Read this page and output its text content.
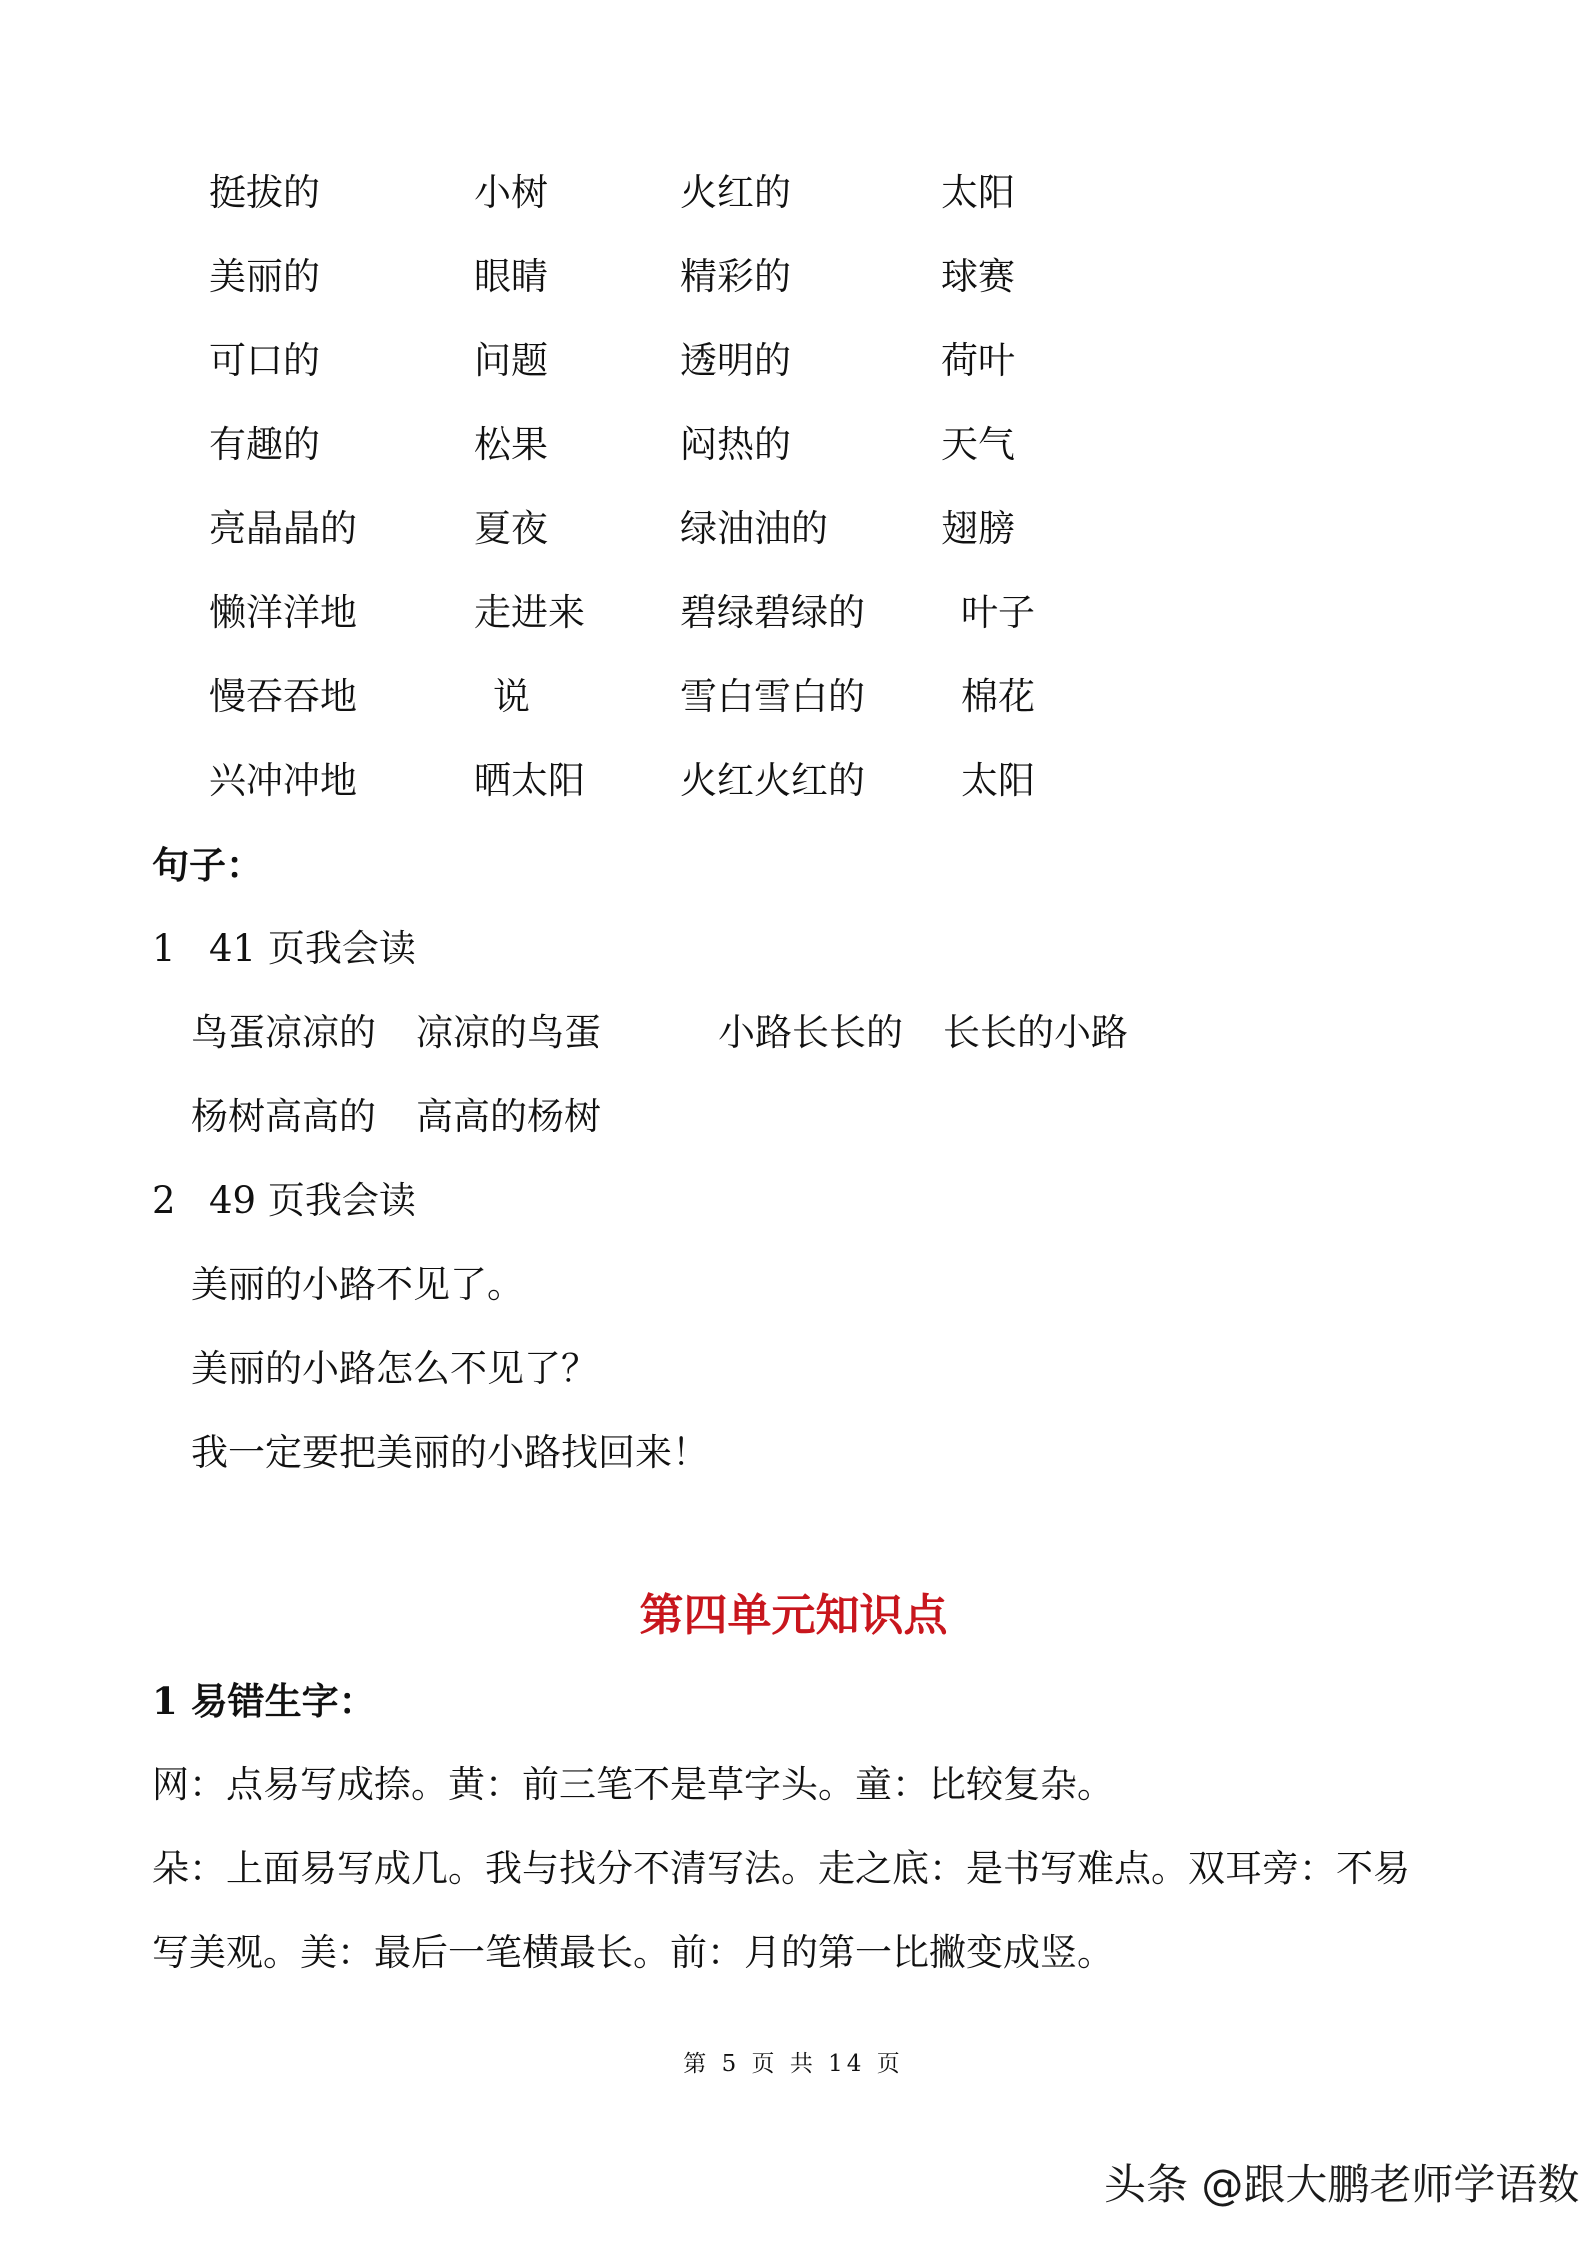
挺拔的	小树	火红的	太阳
美丽的	眼睛	精彩的	球赛
可口的	问题	透明的	荷叶
有趣的	松果	闷热的	天气
亮晶晶的	夏夜	绿油油的	翅膀
懒洋洋地	走进来	碧绿碧绿的	叶子
慢吞吞地	说	雪白雪白的	棉花
兴冲冲地	晒太阳	火红火红的	太阳
句子：
1 41 页我会读
鸟蛋凉凉的 凉凉的鸟蛋	小路长长的 长长的小路
杨树高高的 高高的杨树
2 49 页我会读
美丽的小路不见了。
美丽的小路怎么不见了？
我一定要把美丽的小路找回来！
第四单元知识点
1 易错生字：
网：点易写成捺。黄：前三笔不是草字头。童：比较复杂。
朵：上面易写成几。我与找分不清写法。走之底：是书写难点。双耳旁：不易
写美观。美：最后一笔横最长。前：月的第一比撇变成竖。
第 5 页 共 14 页
头条 @跟大鹏老师学语数
